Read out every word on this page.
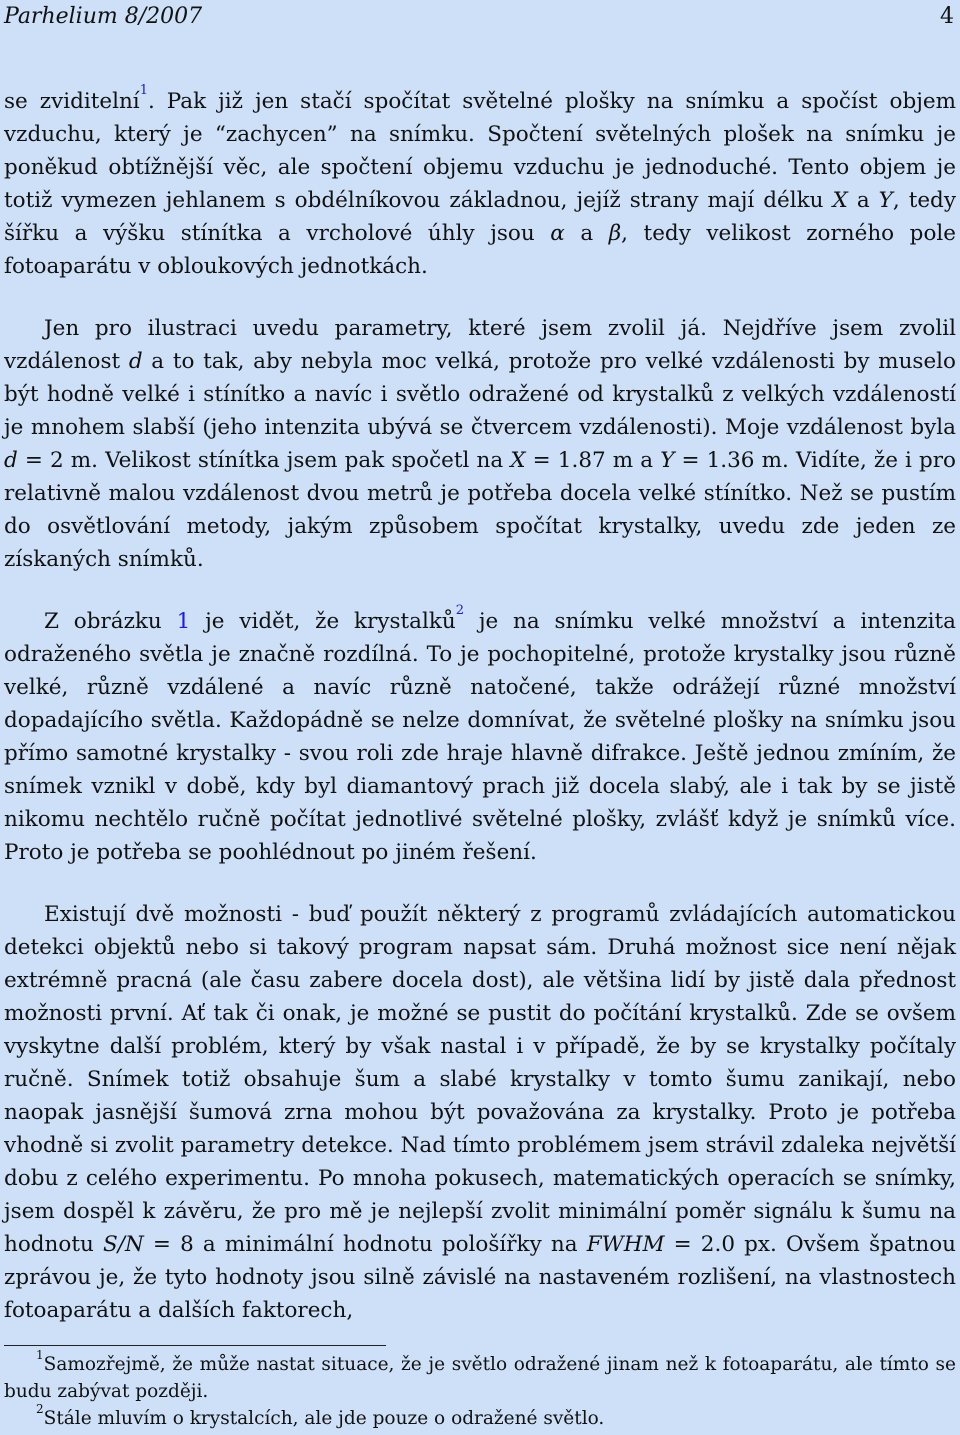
Parhelium 8/2007	4

se zviditelní$^1$. Pak již jen stačí spočítat světelné plošky na snímku a spočíst objem vzduchu, který je “zachycen” na snímku. Spočtení světelných plošek na snímku je poněkud obtížnější věc, ale spočtení objemu vzduchu je jednoduché. Tento objem je totiž vymezen jehlanem s obdélníkovou základnou, jejíž strany mají délku X a Y, tedy šířku a výšku stínítka a vrcholové úhly jsou α a β, tedy velikost zorného pole fotoaparátu v obloukových jednotkách.

Jen pro ilustraci uvedu parametry, které jsem zvolil já. Nejdříve jsem zvolil vzdálenost d a to tak, aby nebyla moc velká, protože pro velké vzdálenosti by muselo být hodně velké i stínítko a navíc i světlo odražené od krystalků z velkých vzdáleností je mnohem slabší (jeho intenzita ubývá se čtvercem vzdálenosti). Moje vzdálenost byla d = 2 m. Velikost stínítka jsem pak spočetl na X = 1.87 m a Y = 1.36 m. Vidíte, že i pro relativně malou vzdálenost dvou metrů je potřeba docela velké stínítko. Než se pustím do osvětlování metody, jakým způsobem spočítat krystalky, uvedu zde jeden ze získaných snímků.

Z obrázku 1 je vidět, že krystalků$^2$ je na snímku velké množství a intenzita odraženého světla je značně rozdílná. To je pochopitelné, protože krystalky jsou různě velké, různě vzdálené a navíc různě natočené, takže odrážejí různé množství dopadajícího světla. Každopádně se nelze domnívat, že světelné plošky na snímku jsou přímo samotné krystalky - svou roli zde hraje hlavně difrakce. Ještě jednou zmíním, že snímek vznikl v době, kdy byl diamantový prach již docela slabý, ale i tak by se jistě nikomu nechtělo ručně počítat jednotlivé světelné plošky, zvlášť když je snímků více. Proto je potřeba se poohlédnout po jiném řešení.

Existují dvě možnosti - buď použít některý z programů zvládajících automatickou detekci objektů nebo si takový program napsat sám. Druhá možnost sice není nějak extrémně pracná (ale času zabere docela dost), ale většina lidí by jistě dala přednost možnosti první. Ať tak či onak, je možné se pustit do počítání krystalků. Zde se ovšem vyskytne další problém, který by však nastal i v případě, že by se krystalky počítaly ručně. Snímek totiž obsahuje šum a slabé krystalky v tomto šumu zanikají, nebo naopak jasnější šumová zrna mohou být považována za krystalky. Proto je potřeba vhodně si zvolit parametry detekce. Nad tímto problémem jsem strávil zdaleka největší dobu z celého experimentu. Po mnoha pokusech, matematických operacích se snímky, jsem dospěl k závěru, že pro mě je nejlepší zvolit minimální poměr signálu k šumu na hodnotu S/N = 8 a minimální hodnotu pološířky na FWHM = 2.0 px. Ovšem špatnou zprávou je, že tyto hodnoty jsou silně závislé na nastaveném rozlišení, na vlastnostech fotoaparátu a dalších faktorech,

$^1$Samozřejmě, že může nastat situace, že je světlo odražené jinam než k fotoaparátu, ale tímto se budu zabývat později.

$^2$Stále mluvím o krystalcích, ale jde pouze o odražené světlo.
